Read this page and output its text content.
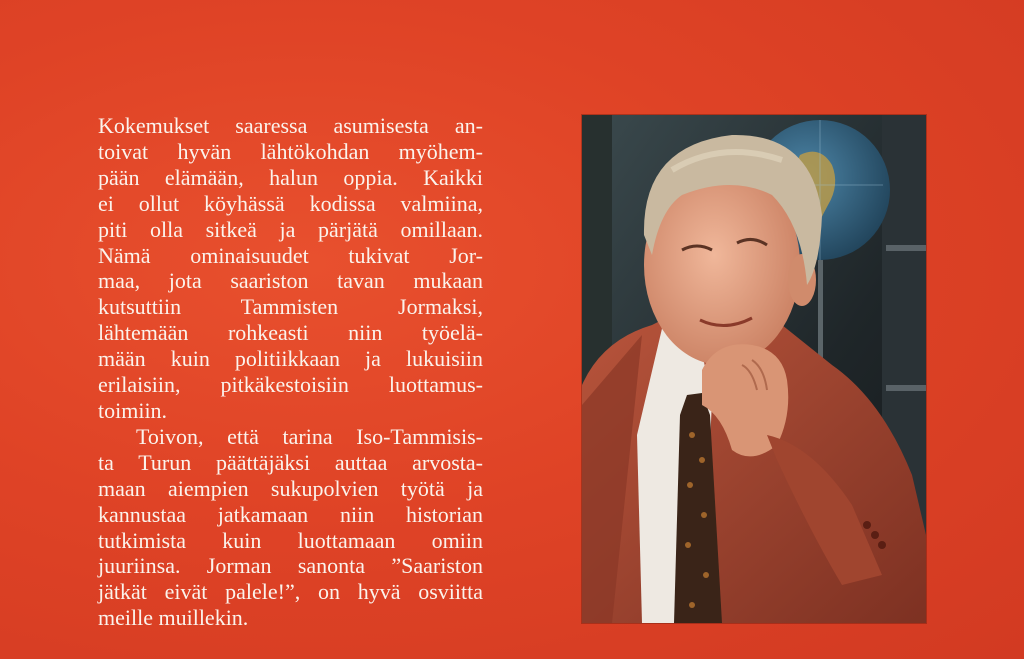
Kokemukset saaressa asumisesta an-
toivat hyvän lähtökohdan myöhem-
pään elämään, halun oppia. Kaikki
ei ollut köyhässä kodissa valmiina,
piti olla sitkeä ja pärjätä omillaan.
Nämä ominaisuudet tukivat Jor-
maa, jota saariston tavan mukaan
kutsuttiin Tammisten Jormaksi,
lähtemään rohkeasti niin työelä-
mään kuin politiikkaan ja lukuisiin
erilaisiin, pitkäkestoisiin luottamus-
toimiin.
Toivon, että tarina Iso-Tammisis-
ta Turun päättäjäksi auttaa arvosta-
maan aiempien sukupolvien työtä ja
kannustaa jatkamaan niin historian
tutkimista kuin luottamaan omiin
juuriinsa. Jorman sanonta ”Saariston
jätkät eivät palele!”, on hyvä osviitta
meille muillekin.
